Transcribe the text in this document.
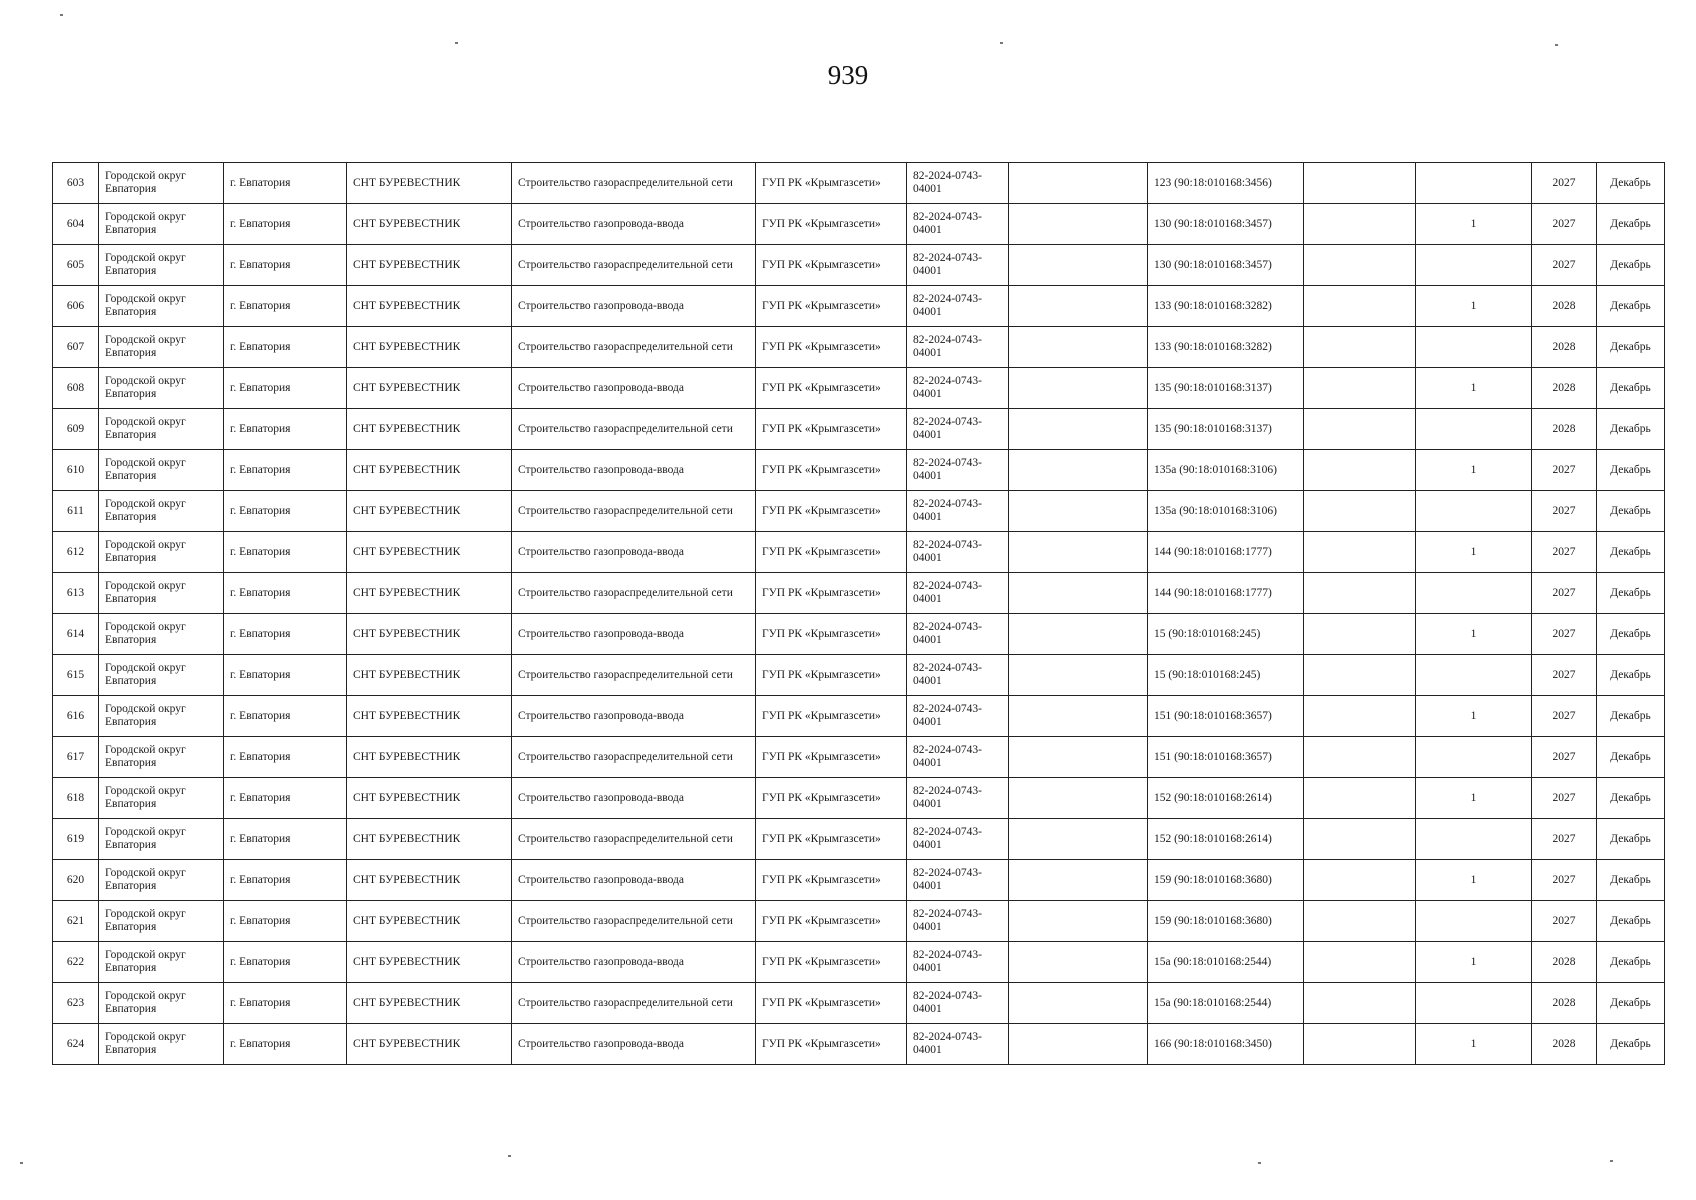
939
603	Городской округ Евпатория	г. Евпатория	СНТ БУРЕВЕСТНИК	Строительство газораспределительной сети	ГУП РК «Крымгазсети»	82-2024-0743-04001		123 (90:18:010168:3456)			2027	Декабрь
604	Городской округ Евпатория	г. Евпатория	СНТ БУРЕВЕСТНИК	Строительство газопровода-ввода	ГУП РК «Крымгазсети»	82-2024-0743-04001		130 (90:18:010168:3457)		1	2027	Декабрь
605	Городской округ Евпатория	г. Евпатория	СНТ БУРЕВЕСТНИК	Строительство газораспределительной сети	ГУП РК «Крымгазсети»	82-2024-0743-04001		130 (90:18:010168:3457)			2027	Декабрь
606	Городской округ Евпатория	г. Евпатория	СНТ БУРЕВЕСТНИК	Строительство газопровода-ввода	ГУП РК «Крымгазсети»	82-2024-0743-04001		133 (90:18:010168:3282)		1	2028	Декабрь
607	Городской округ Евпатория	г. Евпатория	СНТ БУРЕВЕСТНИК	Строительство газораспределительной сети	ГУП РК «Крымгазсети»	82-2024-0743-04001		133 (90:18:010168:3282)			2028	Декабрь
608	Городской округ Евпатория	г. Евпатория	СНТ БУРЕВЕСТНИК	Строительство газопровода-ввода	ГУП РК «Крымгазсети»	82-2024-0743-04001		135 (90:18:010168:3137)		1	2028	Декабрь
609	Городской округ Евпатория	г. Евпатория	СНТ БУРЕВЕСТНИК	Строительство газораспределительной сети	ГУП РК «Крымгазсети»	82-2024-0743-04001		135 (90:18:010168:3137)			2028	Декабрь
610	Городской округ Евпатория	г. Евпатория	СНТ БУРЕВЕСТНИК	Строительство газопровода-ввода	ГУП РК «Крымгазсети»	82-2024-0743-04001		135а (90:18:010168:3106)		1	2027	Декабрь
611	Городской округ Евпатория	г. Евпатория	СНТ БУРЕВЕСТНИК	Строительство газораспределительной сети	ГУП РК «Крымгазсети»	82-2024-0743-04001		135а (90:18:010168:3106)			2027	Декабрь
612	Городской округ Евпатория	г. Евпатория	СНТ БУРЕВЕСТНИК	Строительство газопровода-ввода	ГУП РК «Крымгазсети»	82-2024-0743-04001		144 (90:18:010168:1777)		1	2027	Декабрь
613	Городской округ Евпатория	г. Евпатория	СНТ БУРЕВЕСТНИК	Строительство газораспределительной сети	ГУП РК «Крымгазсети»	82-2024-0743-04001		144 (90:18:010168:1777)			2027	Декабрь
614	Городской округ Евпатория	г. Евпатория	СНТ БУРЕВЕСТНИК	Строительство газопровода-ввода	ГУП РК «Крымгазсети»	82-2024-0743-04001		15 (90:18:010168:245)		1	2027	Декабрь
615	Городской округ Евпатория	г. Евпатория	СНТ БУРЕВЕСТНИК	Строительство газораспределительной сети	ГУП РК «Крымгазсети»	82-2024-0743-04001		15 (90:18:010168:245)			2027	Декабрь
616	Городской округ Евпатория	г. Евпатория	СНТ БУРЕВЕСТНИК	Строительство газопровода-ввода	ГУП РК «Крымгазсети»	82-2024-0743-04001		151 (90:18:010168:3657)		1	2027	Декабрь
617	Городской округ Евпатория	г. Евпатория	СНТ БУРЕВЕСТНИК	Строительство газораспределительной сети	ГУП РК «Крымгазсети»	82-2024-0743-04001		151 (90:18:010168:3657)			2027	Декабрь
618	Городской округ Евпатория	г. Евпатория	СНТ БУРЕВЕСТНИК	Строительство газопровода-ввода	ГУП РК «Крымгазсети»	82-2024-0743-04001		152 (90:18:010168:2614)		1	2027	Декабрь
619	Городской округ Евпатория	г. Евпатория	СНТ БУРЕВЕСТНИК	Строительство газораспределительной сети	ГУП РК «Крымгазсети»	82-2024-0743-04001		152 (90:18:010168:2614)			2027	Декабрь
620	Городской округ Евпатория	г. Евпатория	СНТ БУРЕВЕСТНИК	Строительство газопровода-ввода	ГУП РК «Крымгазсети»	82-2024-0743-04001		159 (90:18:010168:3680)		1	2027	Декабрь
621	Городской округ Евпатория	г. Евпатория	СНТ БУРЕВЕСТНИК	Строительство газораспределительной сети	ГУП РК «Крымгазсети»	82-2024-0743-04001		159 (90:18:010168:3680)			2027	Декабрь
622	Городской округ Евпатория	г. Евпатория	СНТ БУРЕВЕСТНИК	Строительство газопровода-ввода	ГУП РК «Крымгазсети»	82-2024-0743-04001		15а (90:18:010168:2544)		1	2028	Декабрь
623	Городской округ Евпатория	г. Евпатория	СНТ БУРЕВЕСТНИК	Строительство газораспределительной сети	ГУП РК «Крымгазсети»	82-2024-0743-04001		15а (90:18:010168:2544)			2028	Декабрь
624	Городской округ Евпатория	г. Евпатория	СНТ БУРЕВЕСТНИК	Строительство газопровода-ввода	ГУП РК «Крымгазсети»	82-2024-0743-04001		166 (90:18:010168:3450)		1	2028	Декабрь
